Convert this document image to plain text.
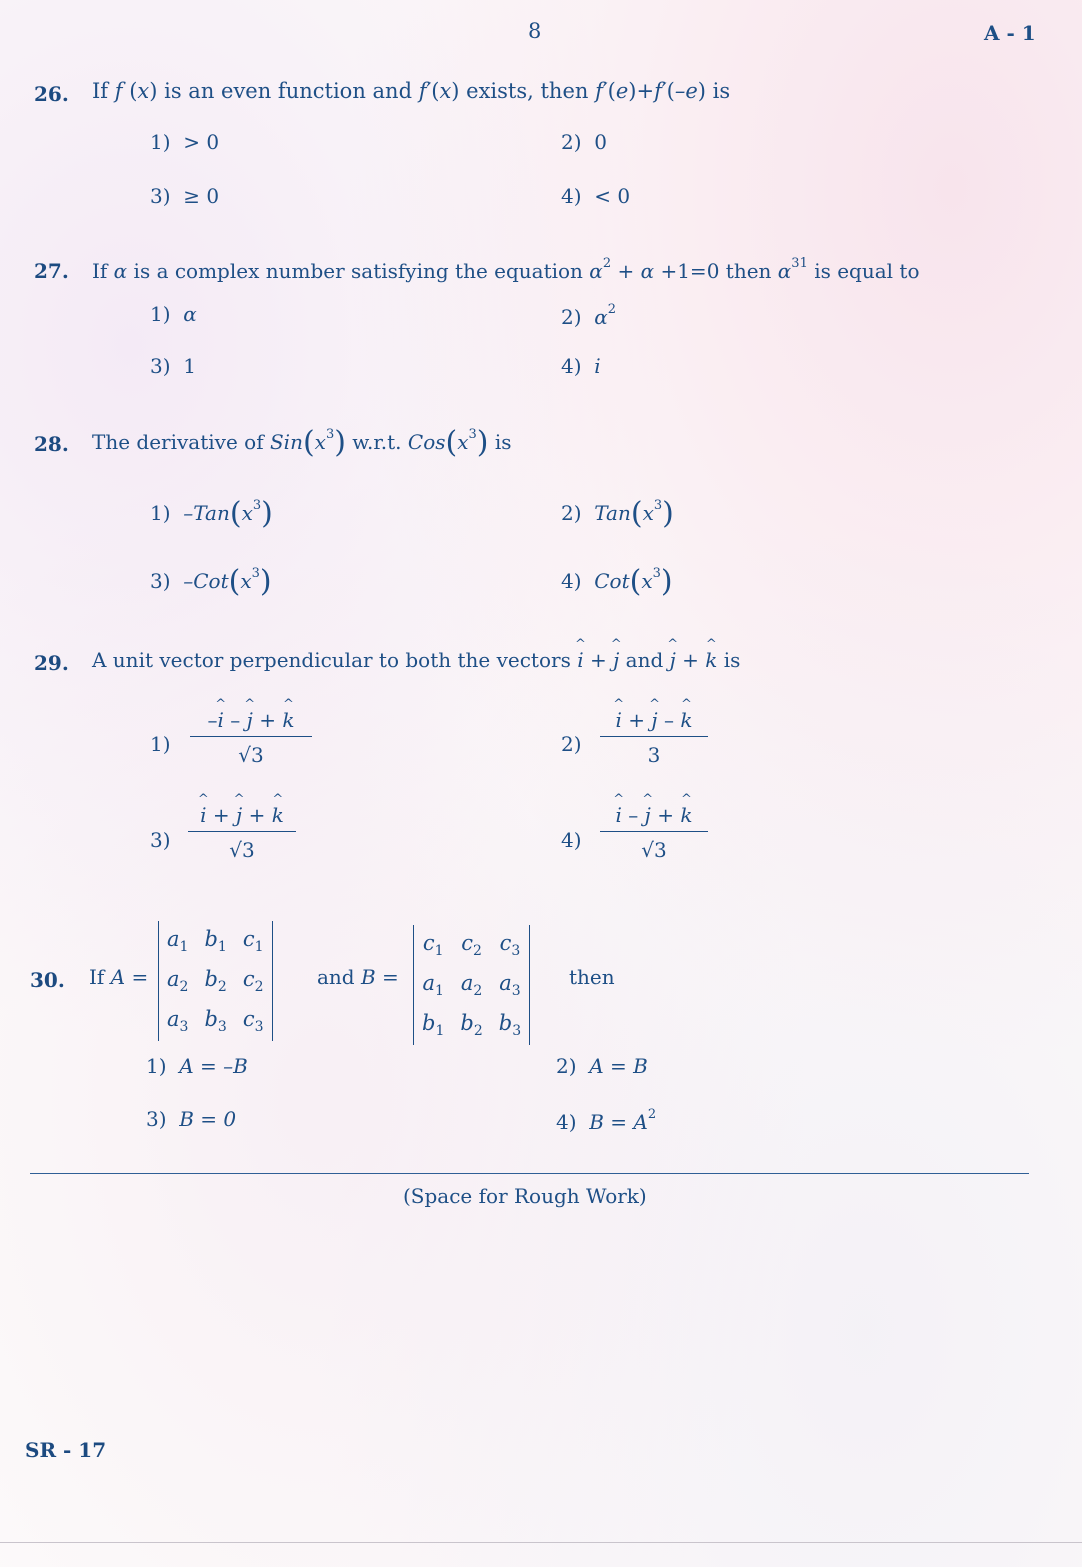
8	A - 1
26. If f (x) is an even function and f′(x) exists, then f′(e)+f′(–e) is
1) > 0	2) 0
3) ≥ 0	4) < 0
27. If α is a complex number satisfying the equation $\alpha^2 + \alpha +1=0$ then $\alpha^{31}$ is equal to
1) α	2) $\alpha^2$
3) 1	4) i
28. The derivative of $Sin(x^3)$ w.r.t. $Cos(x^3)$ is
1) $-Tan(x^3)$	2) $Tan(x^3)$
3) $-Cot(x^3)$	4) $Cot(x^3)$
29. A unit vector perpendicular to both the vectors ^ i + ^ j and ^ j + ^ k is
$1) \frac{-\^{} i - \^{} j + \^{} k}{√3}$	2) ^ $\frac{i + \^{} j - \^{} k}{3}$
3) ^ $\frac{i + \^{} j + \^{} k}{√3}$	4) ^ $\frac{i - \^{} j + \^{} k}{√3}$
30. If A =
$a_1$	$b_1$	$c_1$
$a_2$	$b_2$	$c_2$
$a_3$	$b_3$	$c_3$
and B =
$c_1$	$c_2$	$c_3$
$a_1$	$a_2$	$a_3$
$b_1$	$b_2$	$b_3$
then
1) A = –B	2) A = B
3) B = 0	4) $B = A^2$
(Space for Rough Work)
SR - 17
